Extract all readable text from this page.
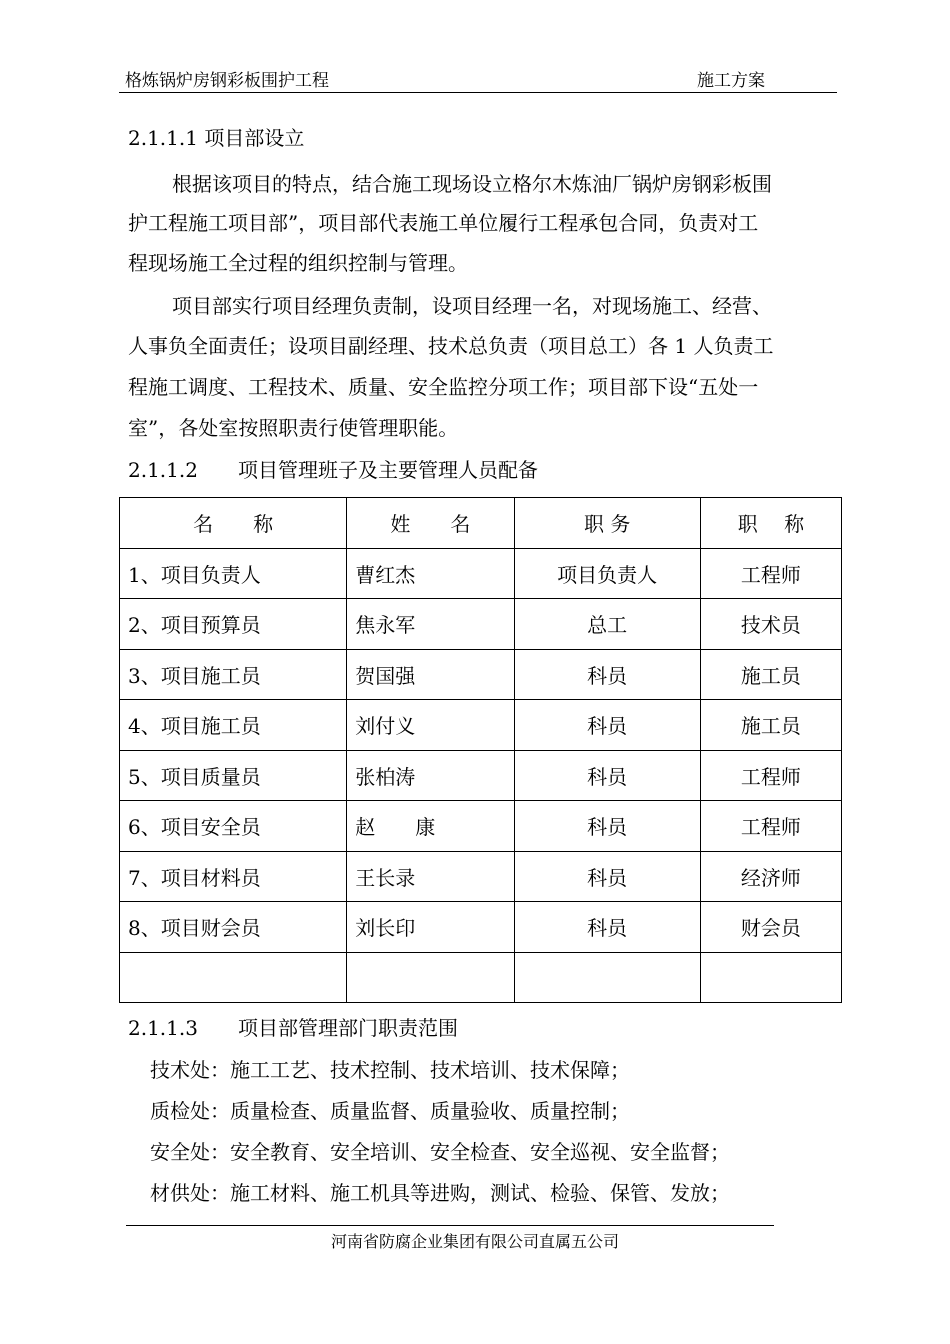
格炼锅炉房钢彩板围护工程	施工方案
2.1.1.1 项目部设立
根据该项目的特点，结合施工现场设立格尔木炼油厂锅炉房钢彩板围
护工程施工项目部”，项目部代表施工单位履行工程承包合同，负责对工
程现场施工全过程的组织控制与管理。
项目部实行项目经理负责制，设项目经理一名，对现场施工、经营、
人事负全面责任；设项目副经理、技术总负责（项目总工）各 1 人负责工
程施工调度、工程技术、质量、安全监控分项工作；项目部下设“五处一
室”，各处室按照职责行使管理职能。
2.1.1.2　　项目管理班子及主要管理人员配备
名　　称	姓　　名	职 务	职　 称
1、项目负责人	曹红杰	项目负责人	工程师
2、项目预算员	焦永军	总工	技术员
3、项目施工员	贺国强	科员	施工员
4、项目施工员	刘付义	科员	施工员
5、项目质量员	张柏涛	科员	工程师
6、项目安全员	赵　　康	科员	工程师
7、项目材料员	王长录	科员	经济师
8、项目财会员	刘长印	科员	财会员

2.1.1.3　　项目部管理部门职责范围
技术处：施工工艺、技术控制、技术培训、技术保障；
质检处：质量检查、质量监督、质量验收、质量控制；
安全处：安全教育、安全培训、安全检查、安全巡视、安全监督；
材供处：施工材料、施工机具等进购，测试、检验、保管、发放；
河南省防腐企业集团有限公司直属五公司
